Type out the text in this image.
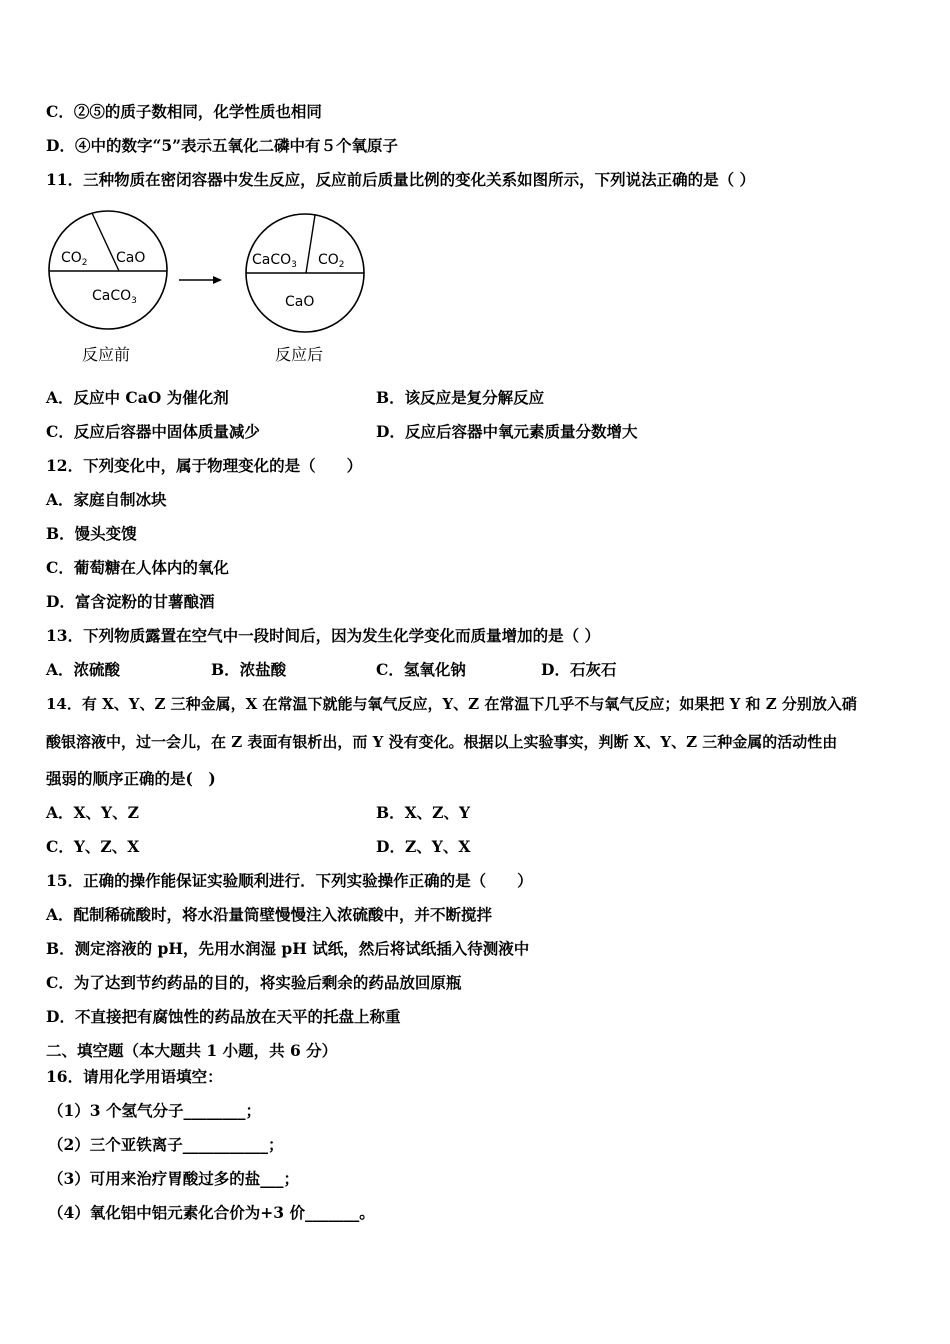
C．②⑤的质子数相同，化学性质也相同
D．④中的数字“5”表示五氧化二磷中有５个氧原子
11．三种物质在密闭容器中发生反应，反应前后质量比例的变化关系如图所示，下列说法正确的是（ ）
$CO_2$ CaO
CaCO$_3$
反应前
CaCO$_3$ $CO_2$
CaO
反应后
A．反应中 CaO 为催化剂	B．该反应是复分解反应
C．反应后容器中固体质量减少	D．反应后容器中氧元素质量分数增大
12．下列变化中，属于物理变化的是（　　）
A．家庭自制冰块
B．馒头变馊
C．葡萄糖在人体内的氧化
D．富含淀粉的甘薯酿酒
13．下列物质露置在空气中一段时间后，因为发生化学变化而质量增加的是（ ）
A．浓硫酸	B．浓盐酸	C．氢氧化钠	D．石灰石
14．有 X、Y、Z 三种金属，X 在常温下就能与氧气反应，Y、Z 在常温下几乎不与氧气反应；如果把 Y 和 Z 分别放入硝
酸银溶液中，过一会儿，在 Z 表面有银析出，而 Y 没有变化。根据以上实验事实，判断 X、Y、Z 三种金属的活动性由
强弱的顺序正确的是(　)
A．X、Y、Z	B．X、Z、Y
C．Y、Z、X	D．Z、Y、X
15．正确的操作能保证实验顺利进行．下列实验操作正确的是（　　）
A．配制稀硫酸时，将水沿量筒壁慢慢注入浓硫酸中，并不断搅拌
B．测定溶液的 pH，先用水润湿 pH 试纸，然后将试纸插入待测液中
C．为了达到节约药品的目的，将实验后剩余的药品放回原瓶
D．不直接把有腐蚀性的药品放在天平的托盘上称重
二、填空题（本大题共 1 小题，共 6 分）
16．请用化学用语填空：
（1）3 个氢气分子________；
（2）三个亚铁离子___________；
（3）可用来治疗胃酸过多的盐___；
（4）氧化铝中铝元素化合价为+3 价_______。
